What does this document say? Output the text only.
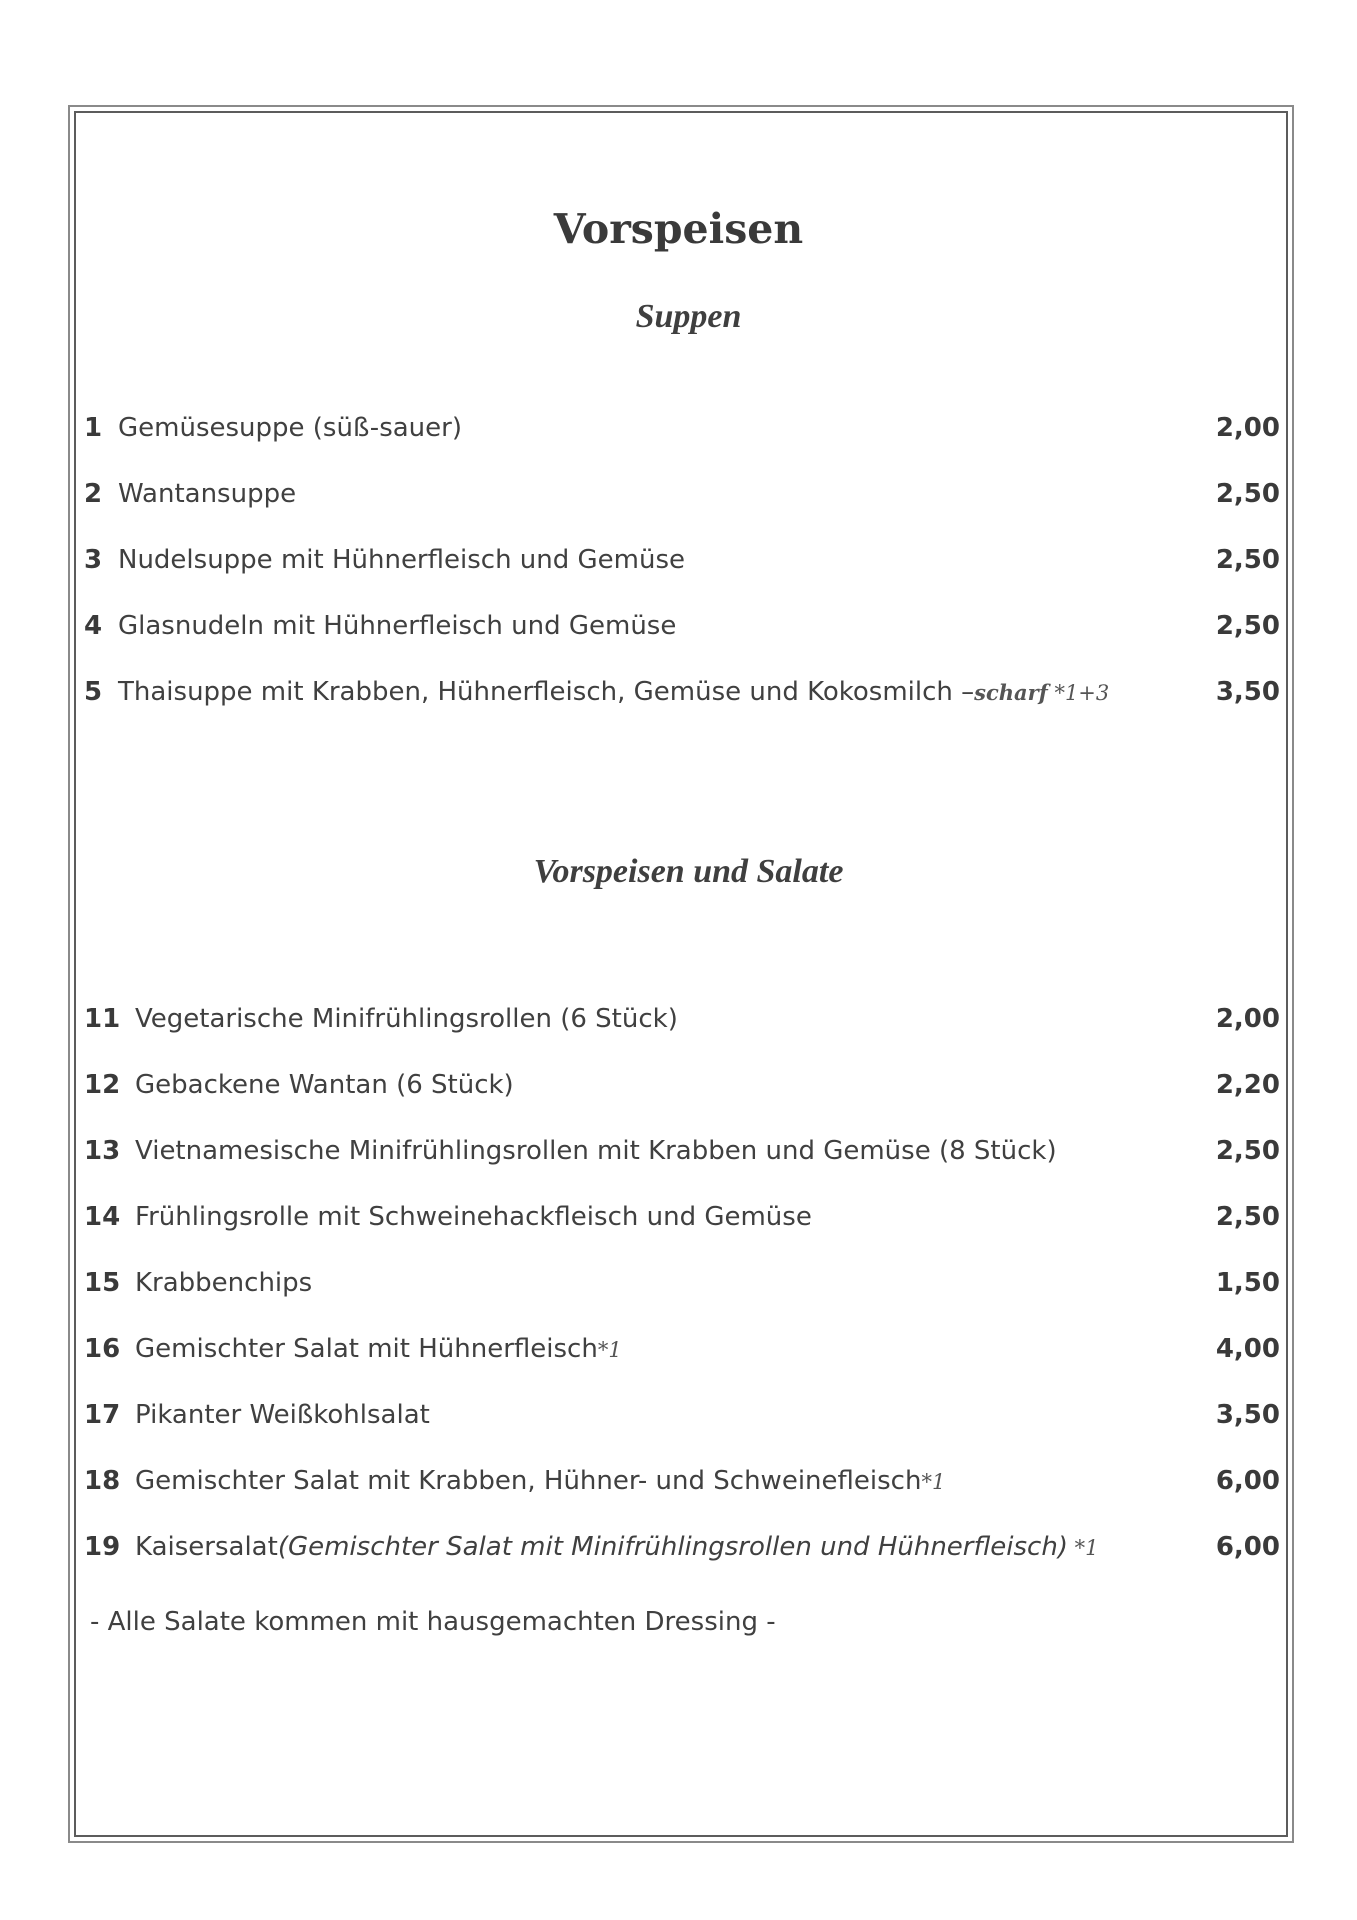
Vorspeisen
Suppen
1 Gemüsesuppe (süß-sauer)	2,00
2 Wantansuppe	2,50
3 Nudelsuppe mit Hühnerfleisch und Gemüse	2,50
4 Glasnudeln mit Hühnerfleisch und Gemüse	2,50
5 Thaisuppe mit Krabben, Hühnerfleisch, Gemüse und Kokosmilch –scharf *1+3	3,50
Vorspeisen und Salate
11 Vegetarische Minifrühlingsrollen (6 Stück)	2,00
12 Gebackene Wantan (6 Stück)	2,20
13 Vietnamesische Minifrühlingsrollen mit Krabben und Gemüse (8 Stück)	2,50
14 Frühlingsrolle mit Schweinehackfleisch und Gemüse	2,50
15 Krabbenchips	1,50
16 Gemischter Salat mit Hühnerfleisch*1	4,00
17 Pikanter Weißkohlsalat	3,50
18 Gemischter Salat mit Krabben, Hühner- und Schweinefleisch*1	6,00
19 Kaisersalat(Gemischter Salat mit Minifrühlingsrollen und Hühnerfleisch) *1	6,00
- Alle Salate kommen mit hausgemachten Dressing -
